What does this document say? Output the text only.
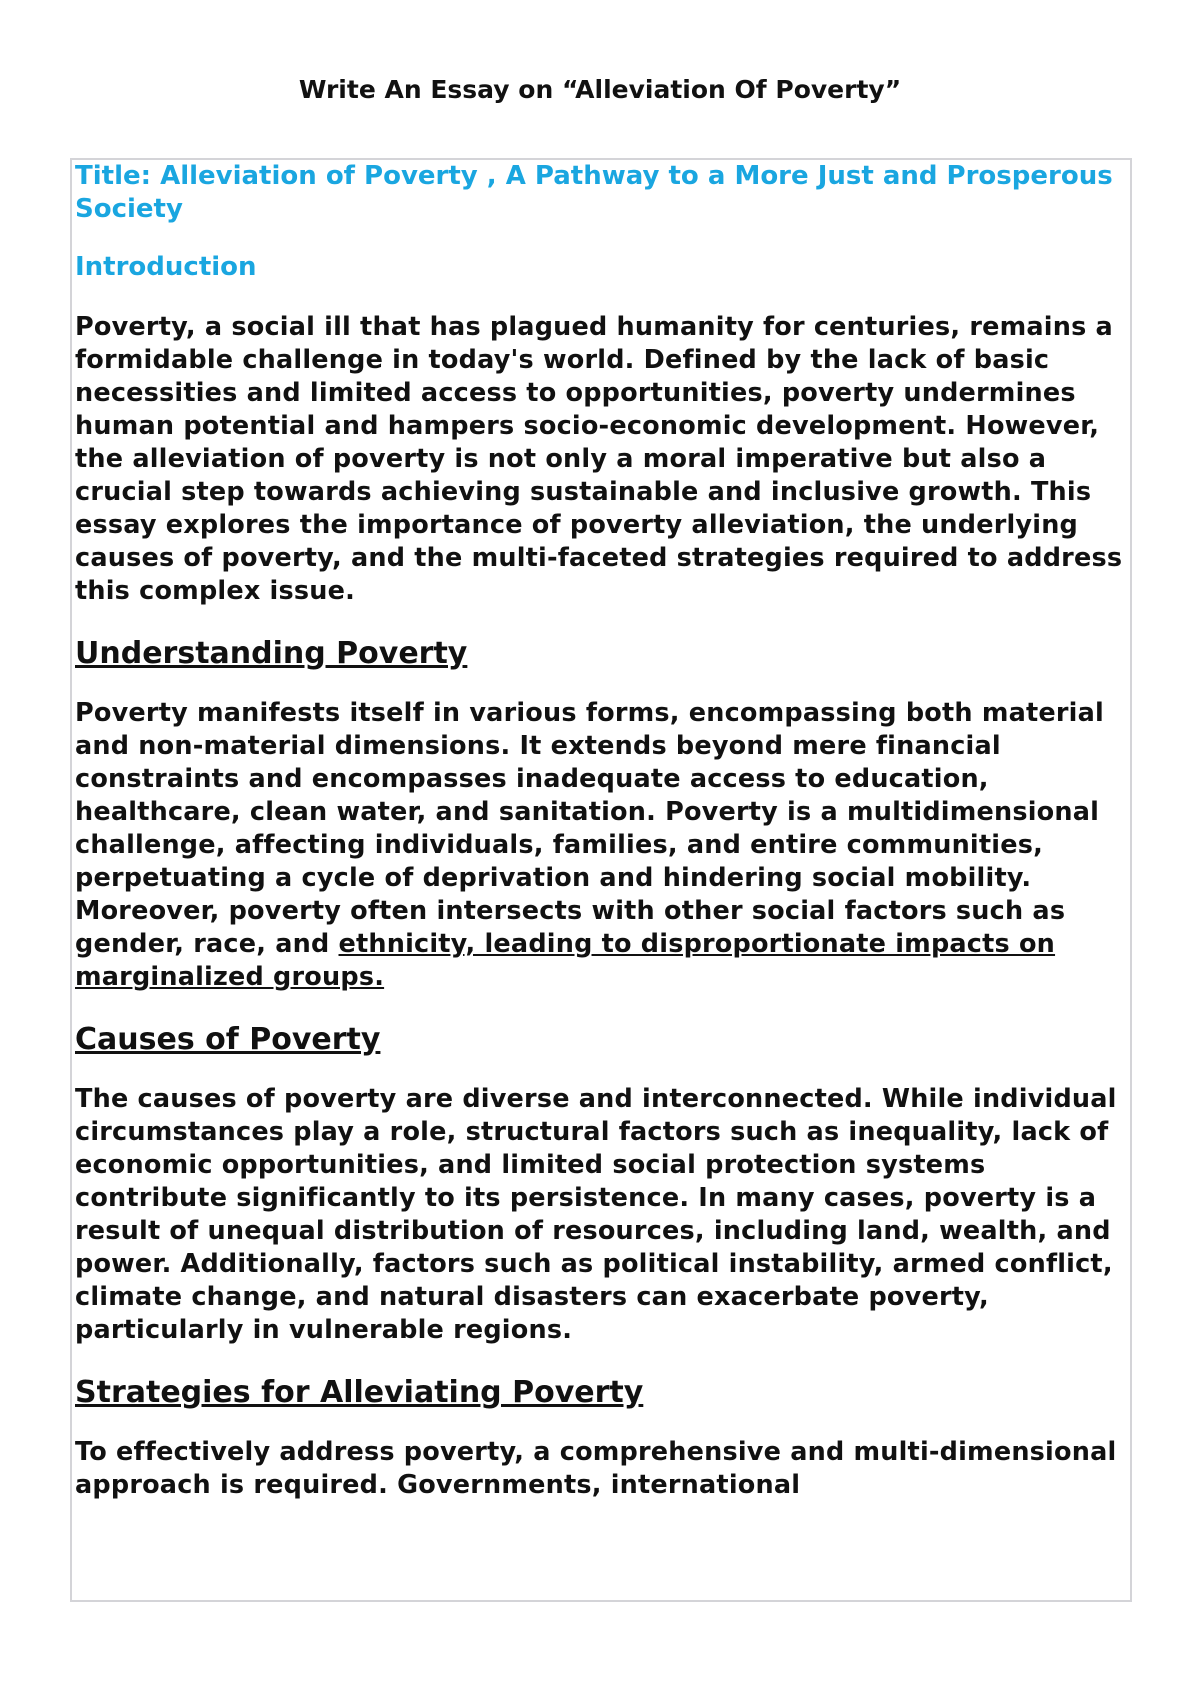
Write An Essay on “Alleviation Of Poverty”

Title: Alleviation of Poverty , A Pathway to a More Just and Prosperous Society

Introduction

Poverty, a social ill that has plagued humanity for centuries, remains a formidable challenge in today's world. Defined by the lack of basic necessities and limited access to opportunities, poverty undermines human potential and hampers socio-economic development. However, the alleviation of poverty is not only a moral imperative but also a crucial step towards achieving sustainable and inclusive growth. This essay explores the importance of poverty alleviation, the underlying causes of poverty, and the multi-faceted strategies required to address this complex issue.

Understanding Poverty

Poverty manifests itself in various forms, encompassing both material and non-material dimensions. It extends beyond mere financial constraints and encompasses inadequate access to education, healthcare, clean water, and sanitation. Poverty is a multidimensional challenge, affecting individuals, families, and entire communities, perpetuating a cycle of deprivation and hindering social mobility. Moreover, poverty often intersects with other social factors such as gender, race, and ethnicity, leading to disproportionate impacts on marginalized groups.

Causes of Poverty

The causes of poverty are diverse and interconnected. While individual circumstances play a role, structural factors such as inequality, lack of economic opportunities, and limited social protection systems contribute significantly to its persistence. In many cases, poverty is a result of unequal distribution of resources, including land, wealth, and power. Additionally, factors such as political instability, armed conflict, climate change, and natural disasters can exacerbate poverty, particularly in vulnerable regions.

Strategies for Alleviating Poverty

To effectively address poverty, a comprehensive and multi-dimensional approach is required. Governments, international
